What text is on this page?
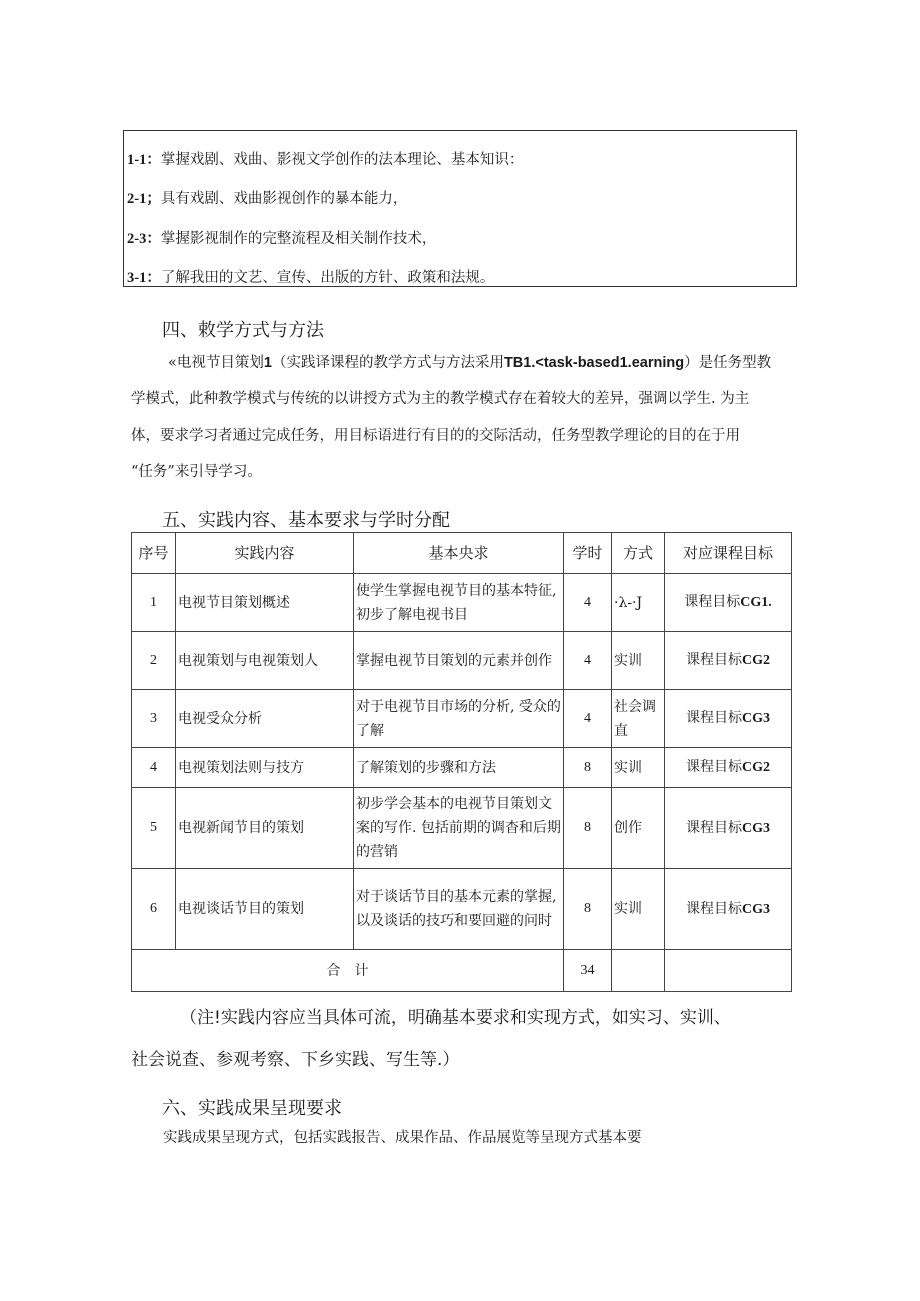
1-1：掌握戏剧、戏曲、影视文学创作的法本理论、基本知识：
2-1；具有戏剧、戏曲影视创作的暴本能力，
2-3：掌握影视制作的完整流程及相关制作技术，
3-1：了解我田的文艺、宣传、出版的方针、政策和法规。
四、敕学方式与方法
«电视节目策划1（实践译课程的教学方式与方法采用TB1.<task-based1.earning）是任务型教
学模式，此种教学模式与传统的以讲授方式为主的教学模式存在着较大的差异，强调以学生. 为主
体，要求学习者通过完成任务，用目标语进行有目的的交际活动，任务型教学理论的目的在于用
“任务”来引导学习。
五、实践内容、基本要求与学时分配
序号	实践内容	基本央求	学时	方式	对应课程目标
1	电视节目策划概述	使学生掌握电视节目的基本特征, 初步了解电视书目	4	·λ-·J	课程目标CG1.
2	电视策划与电视策划人	掌握电视节目策划的元素并创作	4	实训	课程目标CG2
3	电视受众分析	对于电视节目市场的分析, 受众的了解	4	社会调直	课程目标CG3
4	电视策划法则与技方	了解策划的步骤和方法	8	实训	课程目标CG2
5	电视新闻节目的策划	初步学会基本的电视节目策划文案的写作. 包括前期的调杳和后期的营销	8	创作	课程目标CG3
6	电视谈话节目的策划	对于谈话节目的基本元素的掌握, 以及谈话的技巧和要回避的问时	8	实训	课程目标CG3
合　计			34		
（注!实践内容应当具体可流，明确基本要求和实现方式，如实习、实训、
社会说查、参观考察、下乡实践、写生等.）
六、实践成果呈现要求
实践成果呈现方式，包括实践报告、成果作品、作品展览等呈现方式基本要
